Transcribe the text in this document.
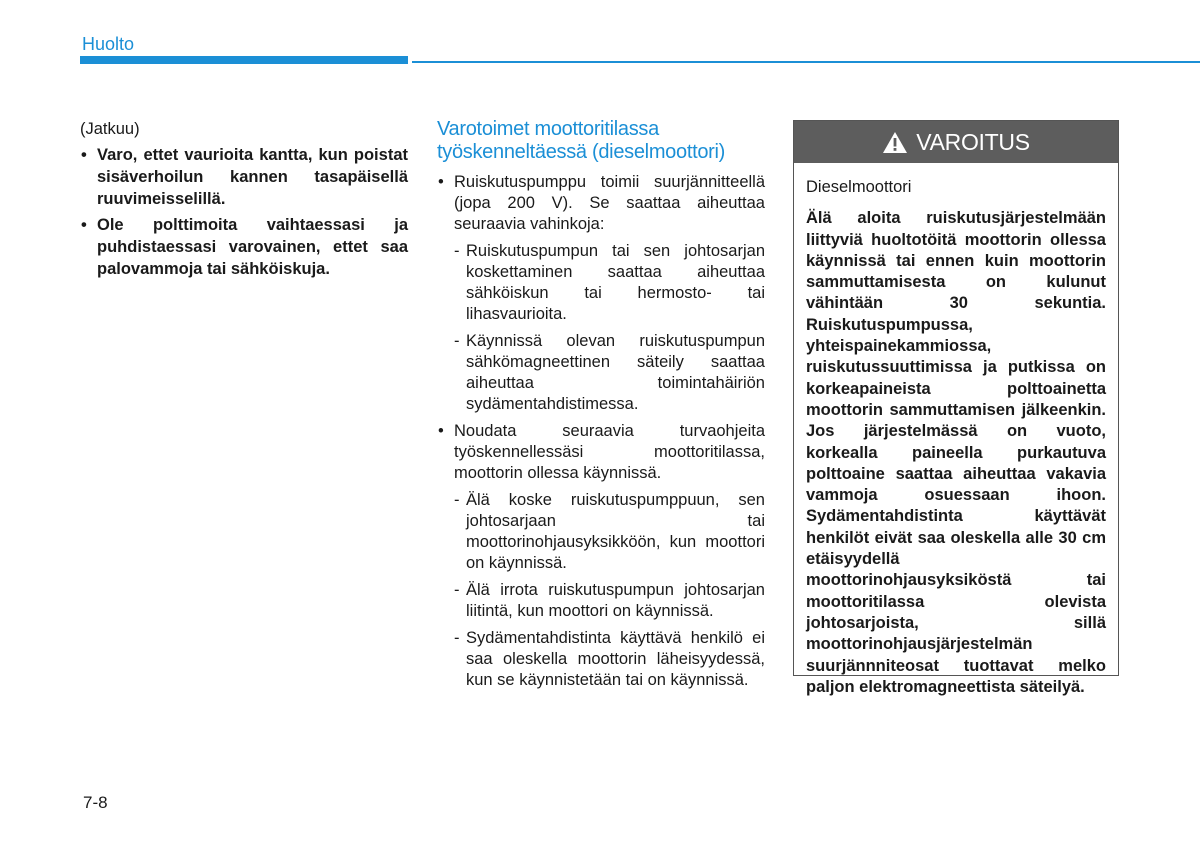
Huolto
(Jatkuu)
• Varo, ettet vaurioita kantta, kun poistat sisäverhoilun kannen tasapäisellä ruuvimeisselillä.
• Ole polttimoita vaihtaessasi ja puhdistaessasi varovainen, ettet saa palovammoja tai sähköiskuja.
Varotoimet moottoritilassa työskenneltäessä (dieselmoottori)
• Ruiskutuspumppu toimii suurjännitteellä (jopa 200 V). Se saattaa aiheuttaa seuraavia vahinkoja:
- Ruiskutuspumpun tai sen johtosarjan koskettaminen saattaa aiheuttaa sähköiskun tai hermosto- tai lihasvaurioita.
- Käynnissä olevan ruiskutuspumpun sähkömagneettinen säteily saattaa aiheuttaa toimintahäiriön sydämentahdistimessa.
• Noudata seuraavia turvaohjeita työskennellessäsi moottoritilassa, moottorin ollessa käynnissä.
- Älä koske ruiskutuspumppuun, sen johtosarjaan tai moottorinohjausyksikköön, kun moottori on käynnissä.
- Älä irrota ruiskutuspumpun johtosarjan liitintä, kun moottori on käynnissä.
- Sydämentahdistinta käyttävä henkilö ei saa oleskella moottorin läheisyydessä, kun se käynnistetään tai on käynnissä.
VAROITUS
Dieselmoottori
Älä aloita ruiskutusjärjestelmään liittyviä huoltotöitä moottorin ollessa käynnissä tai ennen kuin moottorin sammuttamisesta on kulunut vähintään 30 sekuntia. Ruiskutuspumpussa, yhteispainekammiossa, ruiskutussuuttimissa ja putkissa on korkeapaineista polttoainetta moottorin sammuttamisen jälkeenkin. Jos järjestelmässä on vuoto, korkealla paineella purkautuva polttoaine saattaa aiheuttaa vakavia vammoja osuessaan ihoon. Sydämentahdistinta käyttävät henkilöt eivät saa oleskella alle 30 cm etäisyydellä moottorinohjausyksiköstä tai moottoritilassa olevista johtosarjoista, sillä moottorinohjausjärjestelmän suurjännniteosat tuottavat melko paljon elektromagneettista säteilyä.
7-8
